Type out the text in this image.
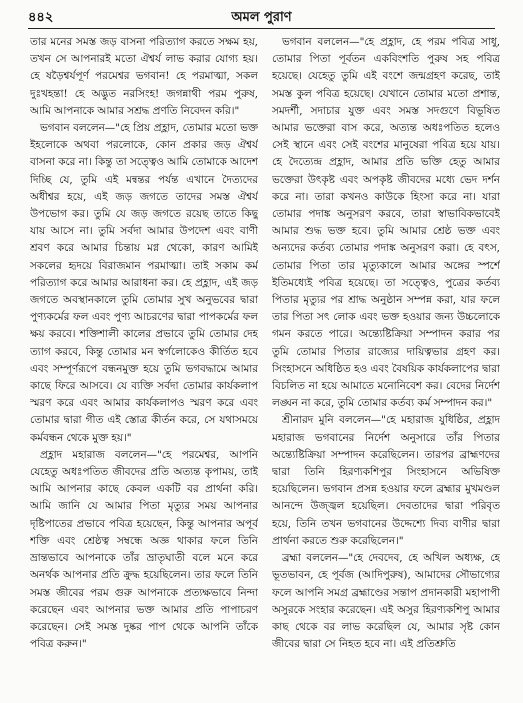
৪৪২	অমল পুরাণ

তার মনের সমস্ত জড় বাসনা পরিত্যাগ করতে সক্ষম হয়, তখন সে আপনারই মতো ঐশ্বর্য লাভ করার যোগ্য হয়। হে ষড়ৈশ্বর্যপূর্ণ পরমেশ্বর ভগবান! হে পরমাত্মা, সকল দুঃখহন্তা! হে অদ্ভুত নরসিংহ! জগন্নাথী পরম পুরুষ, আমি আপনাকে আমার সশ্রদ্ধ প্রণতি নিবেদন করি।"

ভগবান বললেন—"হে প্রিয় প্রহ্লাদ, তোমার মতো ভক্ত ইহলোকে অথবা পরলোকে, কোন প্রকার জড় ঐশ্বর্য বাসনা করে না। কিন্তু তা সত্ত্বেও আমি তোমাকে আদেশ দিচ্ছি যে, তুমি এই মন্বন্তর পর্যন্ত এখানে দৈত্যদের অধীশ্বর হয়ে, এই জড় জগতে তাদের সমস্ত ঐশ্বর্য উপভোগ কর। তুমি যে জড় জগতে রয়েছ তাতে কিছু যায় আসে না। তুমি সর্বদা আমার উপদেশ এবং বাণী শ্রবণ করে আমার চিন্তায় মগ্ন থেকো, কারণ আমিই সকলের হৃদয়ে বিরাজমান পরমাত্মা। তাই সকাম কর্ম পরিত্যাগ করে আমার আরাধনা কর। হে প্রহ্লাদ, এই জড় জগতে অবস্থানকালে তুমি তোমার সুখ অনুভবের দ্বারা পুণ্যকর্মের ফল এবং পুণ্য আচরণের দ্বারা পাপকর্মের ফল ক্ষয় করবে। শক্তিশালী কালের প্রভাবে তুমি তোমার দেহ ত্যাগ করবে, কিন্তু তোমার মন স্বর্গলোকেও কীর্তিত হবে এবং সম্পূর্ণরূপে বন্ধনমুক্ত হয়ে তুমি ভগবদ্ধামে আমার কাছে ফিরে আসবে। যে ব্যক্তি সর্বদা তোমার কার্যকলাপ স্মরণ করে এবং আমার কার্যকলাপও স্মরণ করে এবং তোমার দ্বারা গীত এই স্তোত্র কীর্তন করে, সে যথাসময়ে কর্মবন্ধন থেকে মুক্ত হয়।"

প্রহ্লাদ মহারাজ বললেন—"হে পরমেশ্বর, আপনি যেহেতু অধঃপতিত জীবদের প্রতি অত্যন্ত কৃপাময়, তাই আমি আপনার কাছে কেবল একটি বর প্রার্থনা করি। আমি জানি যে আমার পিতা মৃত্যুর সময় আপনার দৃষ্টিপাতের প্রভাবে পবিত্র হয়েছেন, কিন্তু আপনার অপূর্ব শক্তি এবং শ্রেষ্ঠত্ব সম্বন্ধে অজ্ঞ থাকার ফলে তিনি ভ্রান্তভাবে আপনাকে তাঁর ভ্রাতৃঘাতী বলে মনে করে অনর্থক আপনার প্রতি ক্রুদ্ধ হয়েছিলেন। তার ফলে তিনি সমস্ত জীবের পরম গুরু আপনাকে প্রত্যক্ষভাবে নিন্দা করেছেন এবং আপনার ভক্ত আমার প্রতি পাপাচরণ করেছেন। সেই সমস্ত দুষ্কর পাপ থেকে আপনি তাঁকে পবিত্র করুন।"

ভগবান বললেন—"হে প্রহ্লাদ, হে পরম পবিত্র সাধু, তোমার পিতা পূর্বতন একবিংশতি পুরুষ সহ পবিত্র হয়েছে। যেহেতু তুমি এই বংশে জন্মগ্রহণ করেছ, তাই সমস্ত কুল পবিত্র হয়েছে। যেখানে তোমার মতো প্রশান্ত, সমদর্শী, সদাচার যুক্ত এবং সমস্ত সদগুণে বিভূষিত আমার ভক্তেরা বাস করে, অত্যন্ত অধঃপতিত হলেও সেই স্থানে এবং সেই বংশের মানুষেরা পবিত্র হয়ে যায়। হে দৈত্যেন্দ্র প্রহ্লাদ, আমার প্রতি ভক্তি হেতু আমার ভক্তেরা উৎকৃষ্ট এবং অপকৃষ্ট জীবদের মধ্যে ভেদ দর্শন করে না। তারা কখনও কাউকে হিংসা করে না। যারা তোমার পদাঙ্ক অনুসরণ করবে, তারা স্বাভাবিকভাবেই আমার শুদ্ধ ভক্ত হবে। তুমি আমার শ্রেষ্ঠ ভক্ত এবং অন্যদের কর্তব্য তোমার পদাঙ্ক অনুসরণ করা। হে বৎস, তোমার পিতা তার মৃত্যুকালে আমার অঙ্গের স্পর্শে ইতিমধ্যেই পবিত্র হয়েছে। তা সত্ত্বেও, পুত্রের কর্তব্য পিতার মৃত্যুর পর শ্রাদ্ধ অনুষ্ঠান সম্পন্ন করা, যার ফলে তার পিতা সৎ লোক এবং ভক্ত হওয়ার জন্য উচ্চলোকে গমন করতে পারে। অন্ত্যেষ্টিক্রিয়া সম্পাদন করার পর তুমি তোমার পিতার রাজ্যের দায়িত্বভার গ্রহণ কর। সিংহাসনে অধিষ্ঠিত হও এবং বৈষয়িক কার্যকলাপের দ্বারা বিচলিত না হয়ে আমাতে মনোনিবেশ কর। বেদের নির্দেশ লঙ্ঘন না করে, তুমি তোমার কর্তব্য কর্ম সম্পাদন কর।"

শ্রীনারদ মুনি বললেন—"হে মহারাজ যুধিষ্ঠির, প্রহ্লাদ মহারাজ ভগবানের নির্দেশ অনুসারে তাঁর পিতার অন্ত্যেষ্টিক্রিয়া সম্পাদন করেছিলেন। তারপর ব্রাহ্মণদের দ্বারা তিনি হিরণ্যকশিপুর সিংহাসনে অভিষিক্ত হয়েছিলেন। ভগবান প্রসন্ন হওয়ার ফলে ব্রহ্মার মুখমণ্ডল আনন্দে উজ্জ্বল হয়েছিল। দেবতাদের দ্বারা পরিবৃত হয়ে, তিনি তখন ভগবানের উদ্দেশ্যে দিব্য বাণীর দ্বারা প্রার্থনা করতে শুরু করেছিলেন।"

ব্রহ্মা বললেন—"হে দেবদেব, হে অখিল অধ্যক্ষ, হে ভূতভাবন, হে পূর্বজ (আদিপুরুষ), আমাদের সৌভাগ্যের ফলে আপনি সমগ্র ব্রহ্মাণ্ডের সন্তাপ প্রদানকারী মহাপাপী অসুরকে সংহার করেছেন। এই অসুর হিরণ্যকশিপু আমার কাছ থেকে বর লাভ করেছিল যে, আমার সৃষ্ট কোন জীবের দ্বারা সে নিহত হবে না। এই প্রতিশ্রুতি
